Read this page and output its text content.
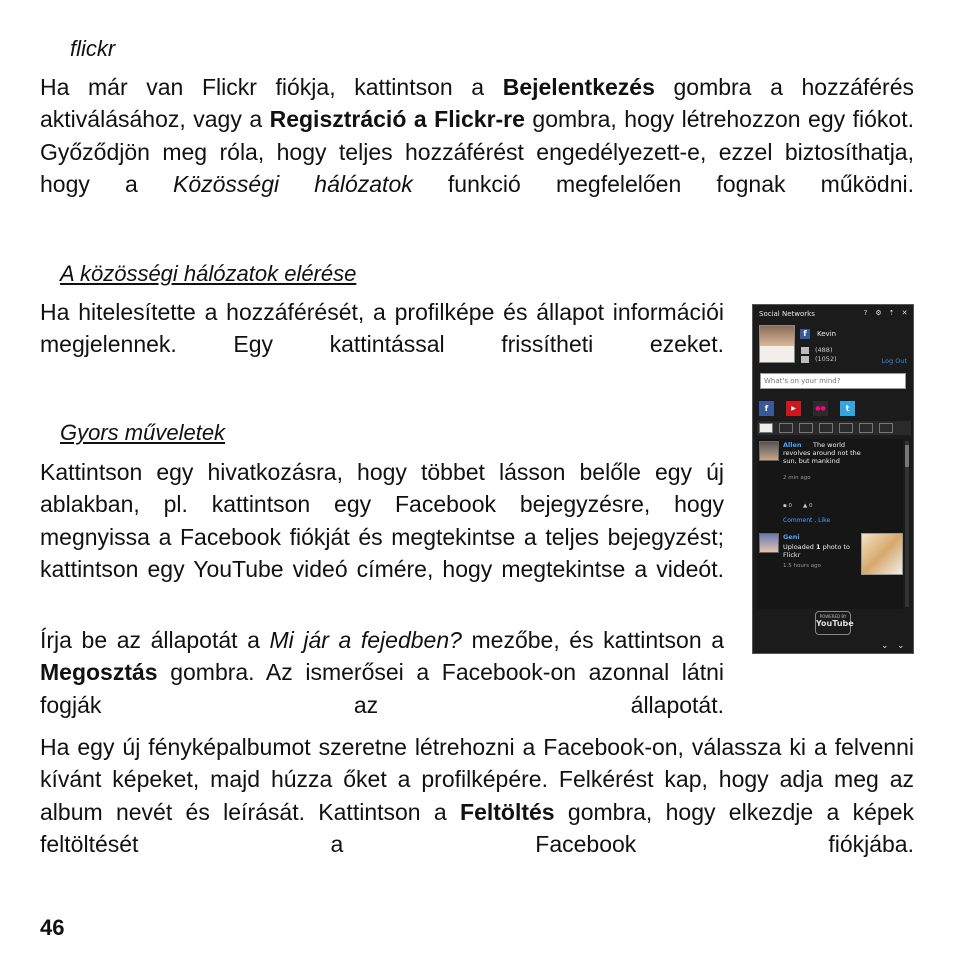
flickr
Ha már van Flickr fiókja, kattintson a Bejelentkezés gombra a hozzáférés aktiválásához, vagy a Regisztráció a Flickr-re gombra, hogy létrehozzon egy fiókot. Győződjön meg róla, hogy teljes hozzáférést engedélyezett-e, ezzel biztosíthatja, hogy a Közösségi hálózatok funkció megfelelően fognak működni.
A közösségi hálózatok elérése
Ha hitelesítette a hozzáférését, a profilképe és állapot információi megjelennek. Egy kattintással frissítheti ezeket.
Gyors műveletek
Kattintson egy hivatkozásra, hogy többet lásson belőle egy új ablakban, pl. kattintson egy Facebook bejegyzésre, hogy megnyissa a Facebook fiókját és megtekintse a teljes bejegyzést; kattintson egy YouTube videó címére, hogy megtekintse a videót.
Írja be az állapotát a Mi jár a fejedben? mezőbe, és kattintson a Megosztás gombra. Az ismerősei a Facebook-on azonnal látni fogják az állapotát.
Ha egy új fényképalbumot szeretne létrehozni a Facebook-on, válassza ki a felvenni kívánt képeket, majd húzza őket a profilképére. Felkérést kap, hogy adja meg az album nevét és leírását. Kattintson a Feltöltés gombra, hogy elkezdje a képek feltöltését a Facebook fiókjába.
46
Social Networks	?	⚙ ⇡ ✕
f	Kevin
(488)
(1052)	Log Out
What's on your mind?
f	▶	●●	t
Allen	The world revolves around not the sun, but mankind
2 min ago
▪ 0 ▲ 0
Comment , Like
Geni
Uploaded 1 photo to Flickr
1.5 hours ago
POWERED BY
YouTube
⌄ ⌄
